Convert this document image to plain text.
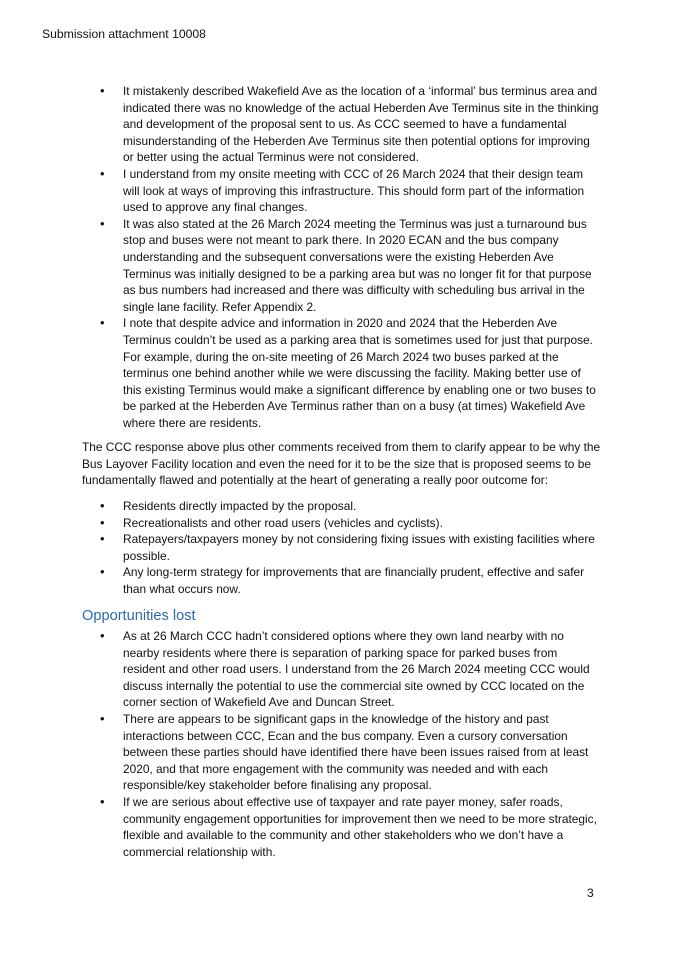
Submission attachment 10008
• It mistakenly described Wakefield Ave as the location of a ‘informal’ bus terminus area and indicated there was no knowledge of the actual Heberden Ave Terminus site in the thinking and development of the proposal sent to us. As CCC seemed to have a fundamental misunderstanding of the Heberden Ave Terminus site then potential options for improving or better using the actual Terminus were not considered.
• I understand from my onsite meeting with CCC of 26 March 2024 that their design team will look at ways of improving this infrastructure. This should form part of the information used to approve any final changes.
• It was also stated at the 26 March 2024 meeting the Terminus was just a turnaround bus stop and buses were not meant to park there. In 2020 ECAN and the bus company understanding and the subsequent conversations were the existing Heberden Ave Terminus was initially designed to be a parking area but was no longer fit for that purpose as bus numbers had increased and there was difficulty with scheduling bus arrival in the single lane facility. Refer Appendix 2.
• I note that despite advice and information in 2020 and 2024 that the Heberden Ave Terminus couldn’t be used as a parking area that is sometimes used for just that purpose. For example, during the on-site meeting of 26 March 2024 two buses parked at the terminus one behind another while we were discussing the facility. Making better use of this existing Terminus would make a significant difference by enabling one or two buses to be parked at the Heberden Ave Terminus rather than on a busy (at times) Wakefield Ave where there are residents.

The CCC response above plus other comments received from them to clarify appear to be why the Bus Layover Facility location and even the need for it to be the size that is proposed seems to be fundamentally flawed and potentially at the heart of generating a really poor outcome for:

• Residents directly impacted by the proposal.
• Recreationalists and other road users (vehicles and cyclists).
• Ratepayers/taxpayers money by not considering fixing issues with existing facilities where possible.
• Any long-term strategy for improvements that are financially prudent, effective and safer than what occurs now.
Opportunities lost
• As at 26 March CCC hadn’t considered options where they own land nearby with no nearby residents where there is separation of parking space for parked buses from resident and other road users. I understand from the 26 March 2024 meeting CCC would discuss internally the potential to use the commercial site owned by CCC located on the corner section of Wakefield Ave and Duncan Street.
• There are appears to be significant gaps in the knowledge of the history and past interactions between CCC, Ecan and the bus company. Even a cursory conversation between these parties should have identified there have been issues raised from at least 2020, and that more engagement with the community was needed and with each responsible/key stakeholder before finalising any proposal.
• If we are serious about effective use of taxpayer and rate payer money, safer roads, community engagement opportunities for improvement then we need to be more strategic, flexible and available to the community and other stakeholders who we don’t have a commercial relationship with.
3
